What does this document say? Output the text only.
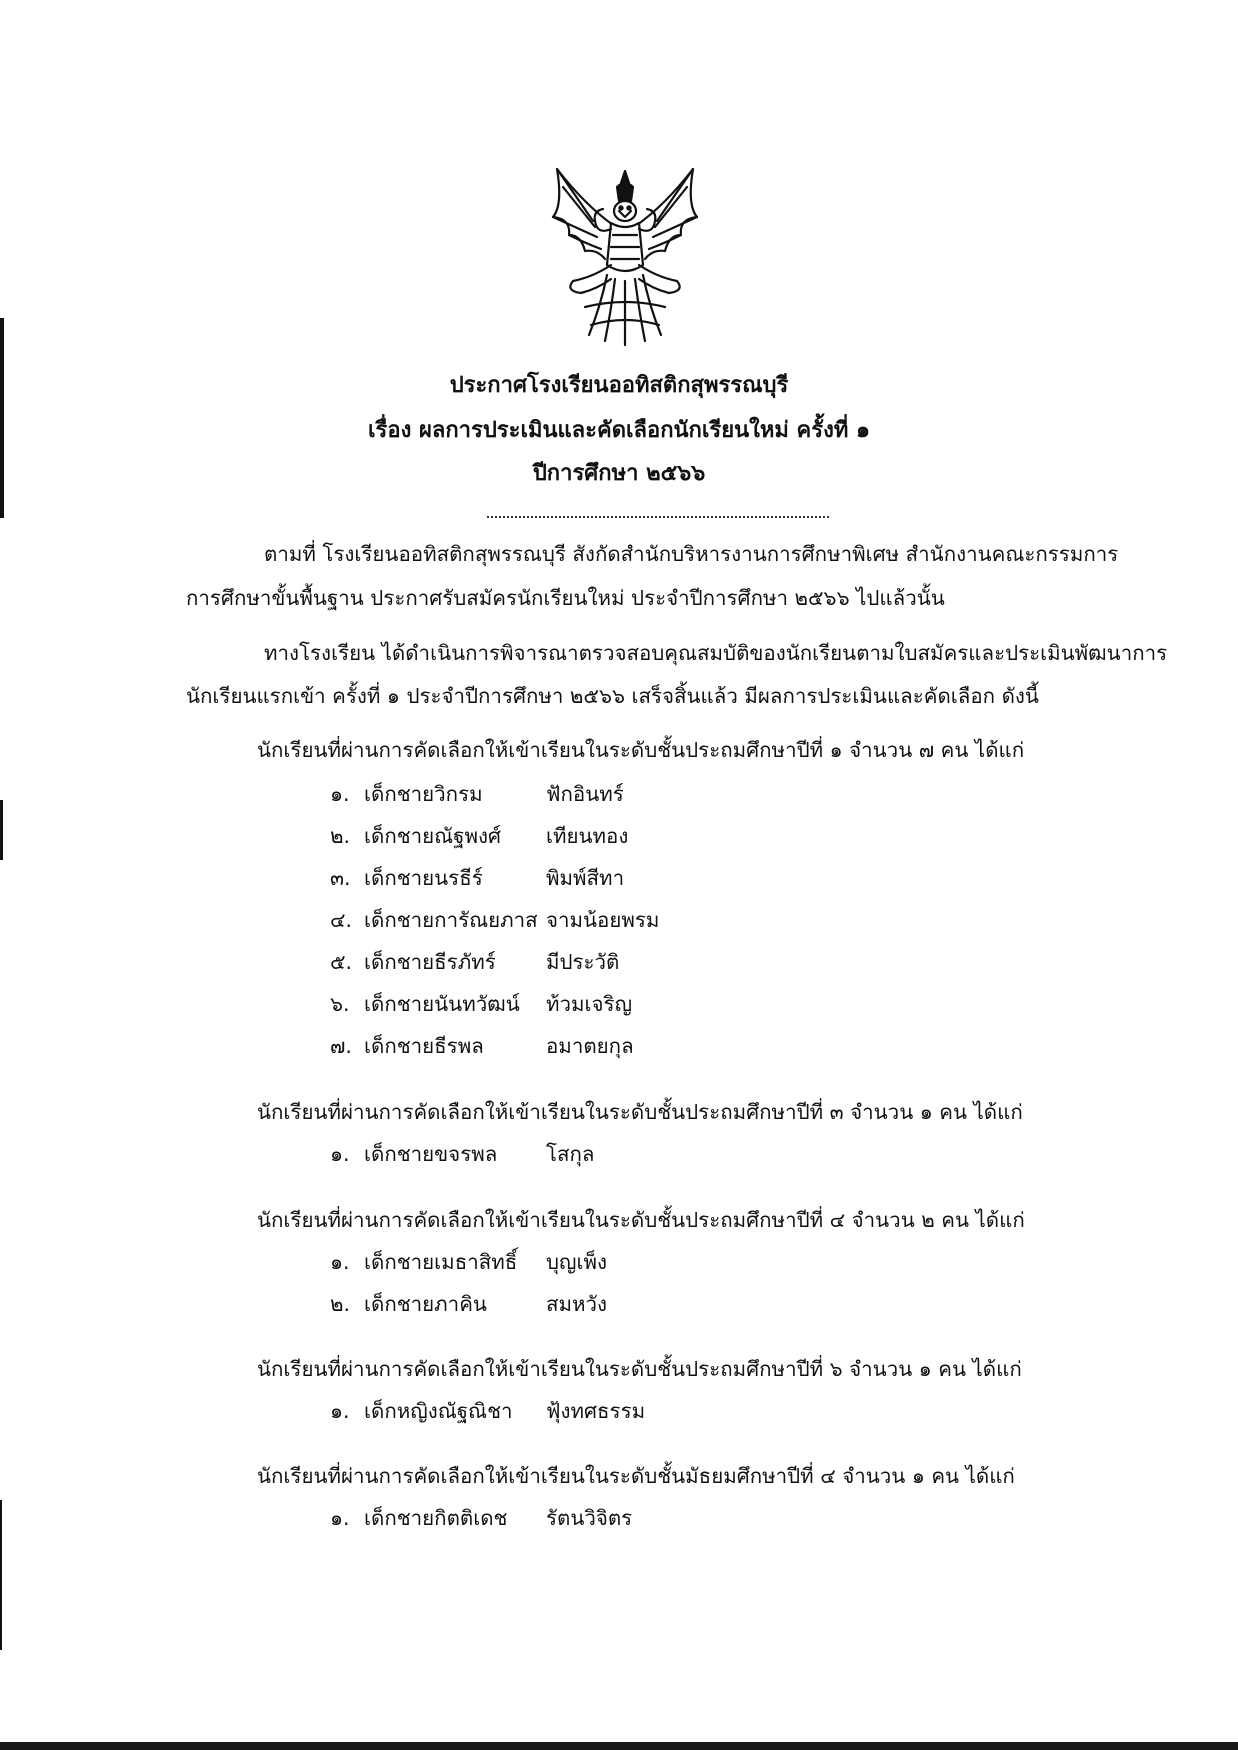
ประกาศโรงเรียนออทิสติกสุพรรณบุรี
เรื่อง ผลการประเมินและคัดเลือกนักเรียนใหม่ ครั้งที่ ๑
ปีการศึกษา ๒๕๖๖
ตามที่ โรงเรียนออทิสติกสุพรรณบุรี สังกัดสำนักบริหารงานการศึกษาพิเศษ สำนักงานคณะกรรมการ
การศึกษาขั้นพื้นฐาน ประกาศรับสมัครนักเรียนใหม่ ประจำปีการศึกษา ๒๕๖๖ ไปแล้วนั้น
ทางโรงเรียน ได้ดำเนินการพิจารณาตรวจสอบคุณสมบัติของนักเรียนตามใบสมัครและประเมินพัฒนาการ
นักเรียนแรกเข้า ครั้งที่ ๑ ประจำปีการศึกษา ๒๕๖๖ เสร็จสิ้นแล้ว มีผลการประเมินและคัดเลือก ดังนี้
นักเรียนที่ผ่านการคัดเลือกให้เข้าเรียนในระดับชั้นประถมศึกษาปีที่ ๑ จำนวน ๗ คน ได้แก่
๑. เด็กชายวิกรม	ฟักอินทร์
๒. เด็กชายณัฐพงศ์ เทียนทอง
๓. เด็กชายนรธีร์	พิมพ์สีทา
๔. เด็กชายการัณยภาส จามน้อยพรม
๕. เด็กชายธีรภัทร์ มีประวัติ
๖. เด็กชายนันทวัฒน์ ท้วมเจริญ
๗. เด็กชายธีรพล	อมาตยกุล
นักเรียนที่ผ่านการคัดเลือกให้เข้าเรียนในระดับชั้นประถมศึกษาปีที่ ๓ จำนวน ๑ คน ได้แก่
๑. เด็กชายขจรพล โสกุล
นักเรียนที่ผ่านการคัดเลือกให้เข้าเรียนในระดับชั้นประถมศึกษาปีที่ ๔ จำนวน ๒ คน ได้แก่
๑. เด็กชายเมธาสิทธิ์ บุญเพ็ง
๒. เด็กชายภาคิน	สมหวัง
นักเรียนที่ผ่านการคัดเลือกให้เข้าเรียนในระดับชั้นประถมศึกษาปีที่ ๖ จำนวน ๑ คน ได้แก่
๑. เด็กหญิงณัฐณิชา ฟุ้งทศธรรม
นักเรียนที่ผ่านการคัดเลือกให้เข้าเรียนในระดับชั้นมัธยมศึกษาปีที่ ๔ จำนวน ๑ คน ได้แก่
๑. เด็กชายกิตติเดช รัตนวิจิตร
